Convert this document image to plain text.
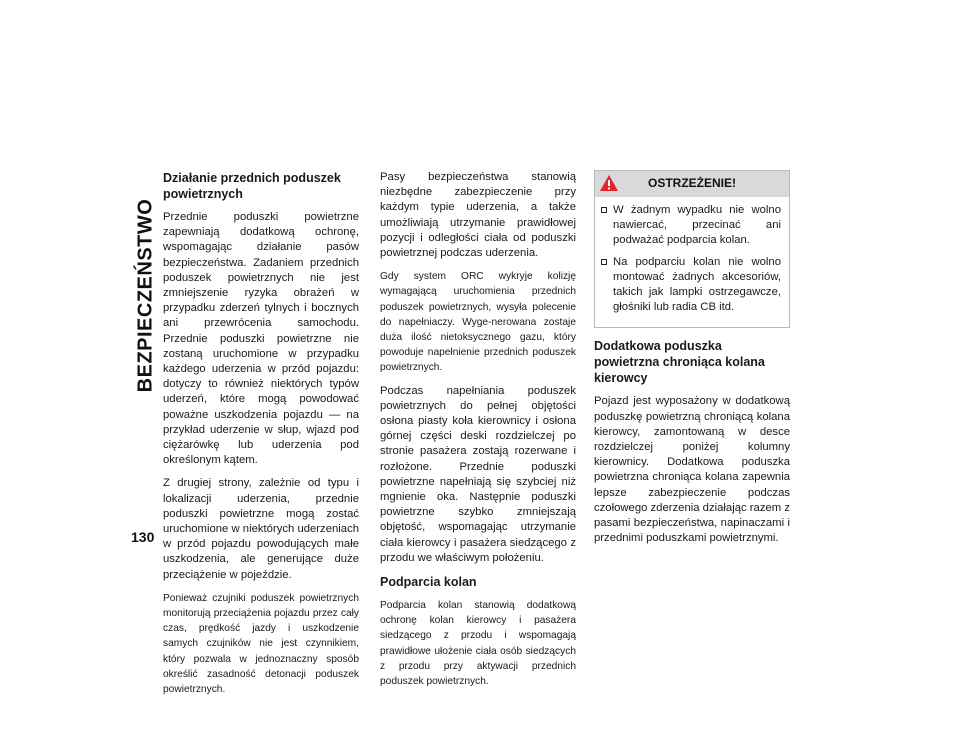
BEZPIECZEŃSTWO
130
Działanie przednich poduszek powietrznych

Przednie poduszki powietrzne zapewniają dodatkową ochronę, wspomagając działanie pasów bezpieczeństwa. Zadaniem przednich poduszek powietrznych nie jest zmniejszenie ryzyka obrażeń w przypadku zderzeń tylnych i bocznych ani przewrócenia samochodu. Przednie poduszki powietrzne nie zostaną uruchomione w przypadku każdego uderzenia w przód pojazdu: dotyczy to również niektórych typów uderzeń, które mogą powodować poważne uszkodzenia pojazdu — na przykład uderzenie w słup, wjazd pod ciężarówkę lub uderzenia pod określonym kątem.

Z drugiej strony, zależnie od typu i lokalizacji uderzenia, przednie poduszki powietrzne mogą zostać uruchomione w niektórych uderzeniach w przód pojazdu powodujących małe uszkodzenia, ale generujące duże przeciążenie w pojeździe.

Ponieważ czujniki poduszek powietrznych monitorują przeciążenia pojazdu przez cały czas, prędkość jazdy i uszkodzenie samych czujników nie jest czynnikiem, który pozwala w jednoznaczny sposób określić zasadność detonacji poduszek powietrznych.

Pasy bezpieczeństwa stanowią niezbędne zabezpieczenie przy każdym typie uderzenia, a także umożliwiają utrzymanie prawidłowej pozycji i odległości ciała od poduszki powietrznej podczas uderzenia.

Gdy system ORC wykryje kolizję wymagającą uruchomienia przednich poduszek powietrznych, wysyła polecenie do napełniaczy. Wyge-nerowana zostaje duża ilość nietoksycznego gazu, który powoduje napełnienie przednich poduszek powietrznych.

Podczas napełniania poduszek powietrznych do pełnej objętości osłona piasty koła kierownicy i osłona górnej części deski rozdzielczej po stronie pasażera zostają rozerwane i rozłożone. Przednie poduszki powietrzne napełniają się szybciej niż mgnienie oka. Następnie poduszki powietrzne szybko zmniejszają objętość, wspomagając utrzymanie ciała kierowcy i pasażera siedzącego z przodu we właściwym położeniu.

Podparcia kolan

Podparcia kolan stanowią dodatkową ochronę kolan kierowcy i pasażera siedzącego z przodu i wspomagają prawidłowe ułożenie ciała osób siedzących z przodu przy aktywacji przednich poduszek powietrznych.

OSTRZEŻENIE!
W żadnym wypadku nie wolno nawiercać, przecinać ani podważać podparcia kolan.
Na podparciu kolan nie wolno montować żadnych akcesoriów, takich jak lampki ostrzegawcze, głośniki lub radia CB itd.
Dodatkowa poduszka powietrzna chroniąca kolana kierowcy

Pojazd jest wyposażony w dodatkową poduszkę powietrzną chroniącą kolana kierowcy, zamontowaną w desce rozdzielczej poniżej kolumny kierownicy. Dodatkowa poduszka powietrzna chroniąca kolana zapewnia lepsze zabezpieczenie podczas czołowego zderzenia działając razem z pasami bezpieczeństwa, napinaczami i przednimi poduszkami powietrznymi.
